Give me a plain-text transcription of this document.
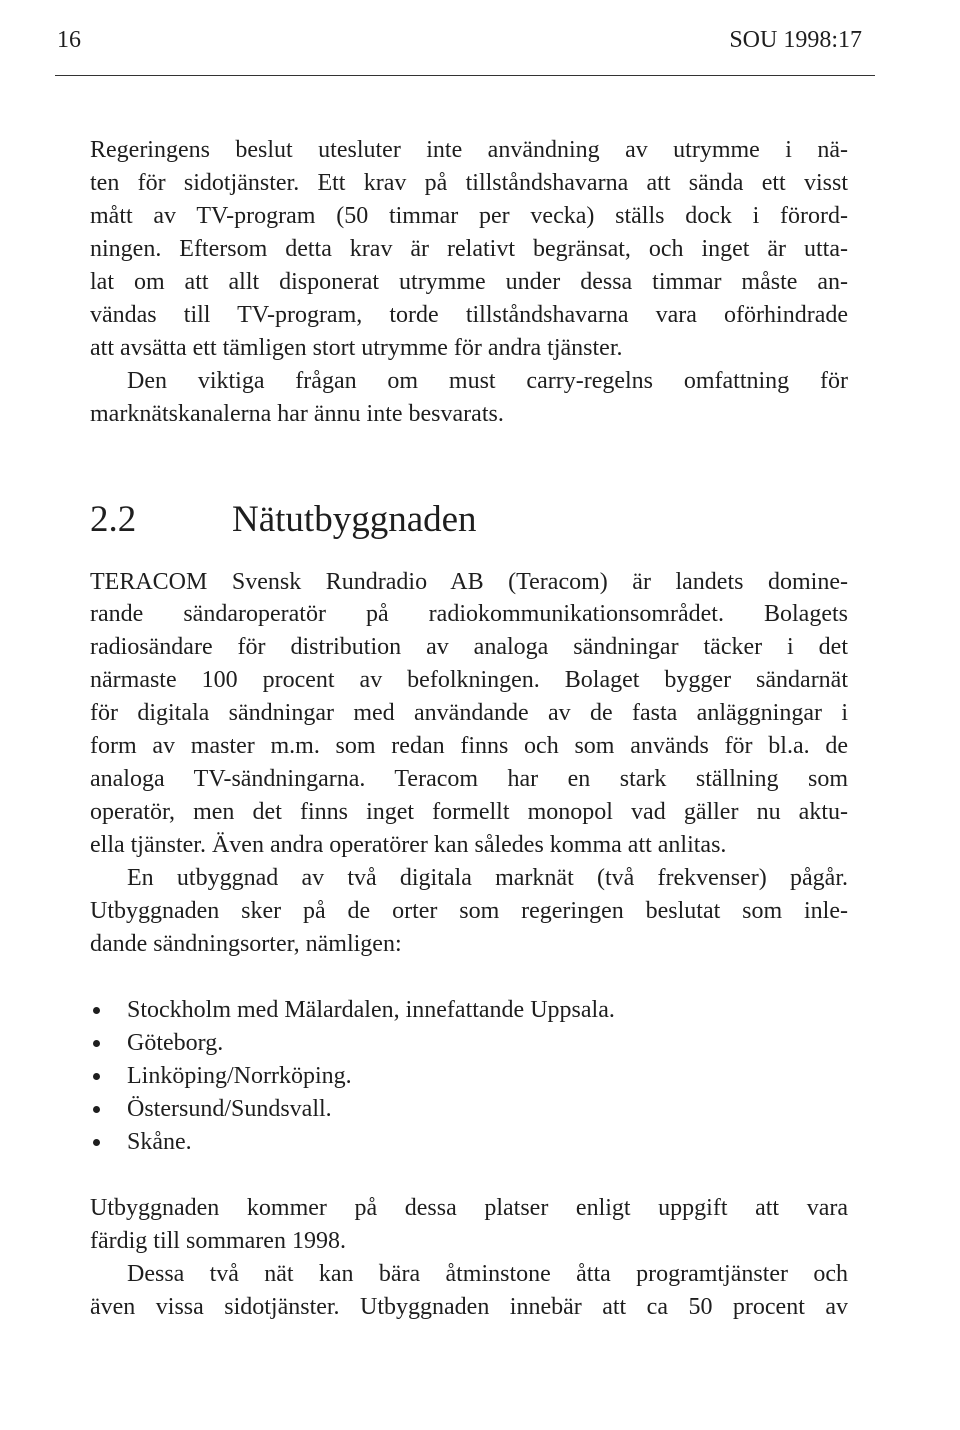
16	SOU 1998:17
Regeringens beslut utesluter inte användning av utrymme i nä-
ten för sidotjänster. Ett krav på tillståndshavarna att sända ett visst
mått av TV-program (50 timmar per vecka) ställs dock i förord-
ningen. Eftersom detta krav är relativt begränsat, och inget är utta-
lat om att allt disponerat utrymme under dessa timmar måste an-
vändas till TV-program, torde tillståndshavarna vara oförhindrade
att avsätta ett tämligen stort utrymme för andra tjänster.
Den viktiga frågan om must carry-regelns omfattning för
marknätskanalerna har ännu inte besvarats.
2.2	Nätutbyggnaden
TERACOM Svensk Rundradio AB (Teracom) är landets domine-
rande sändaroperatör på radiokommunikationsområdet. Bolagets
radiosändare för distribution av analoga sändningar täcker i det
närmaste 100 procent av befolkningen. Bolaget bygger sändarnät
för digitala sändningar med användande av de fasta anläggningar i
form av master m.m. som redan finns och som används för bl.a. de
analoga TV-sändningarna. Teracom har en stark ställning som
operatör, men det finns inget formellt monopol vad gäller nu aktu-
ella tjänster. Även andra operatörer kan således komma att anlitas.
En utbyggnad av två digitala marknät (två frekvenser) pågår.
Utbyggnaden sker på de orter som regeringen beslutat som inle-
dande sändningsorter, nämligen:
Stockholm med Mälardalen, innefattande Uppsala.
Göteborg.
Linköping/Norrköping.
Östersund/Sundsvall.
Skåne.
Utbyggnaden kommer på dessa platser enligt uppgift att vara
färdig till sommaren 1998.
Dessa två nät kan bära åtminstone åtta programtjänster och
även vissa sidotjänster. Utbyggnaden innebär att ca 50 procent av
